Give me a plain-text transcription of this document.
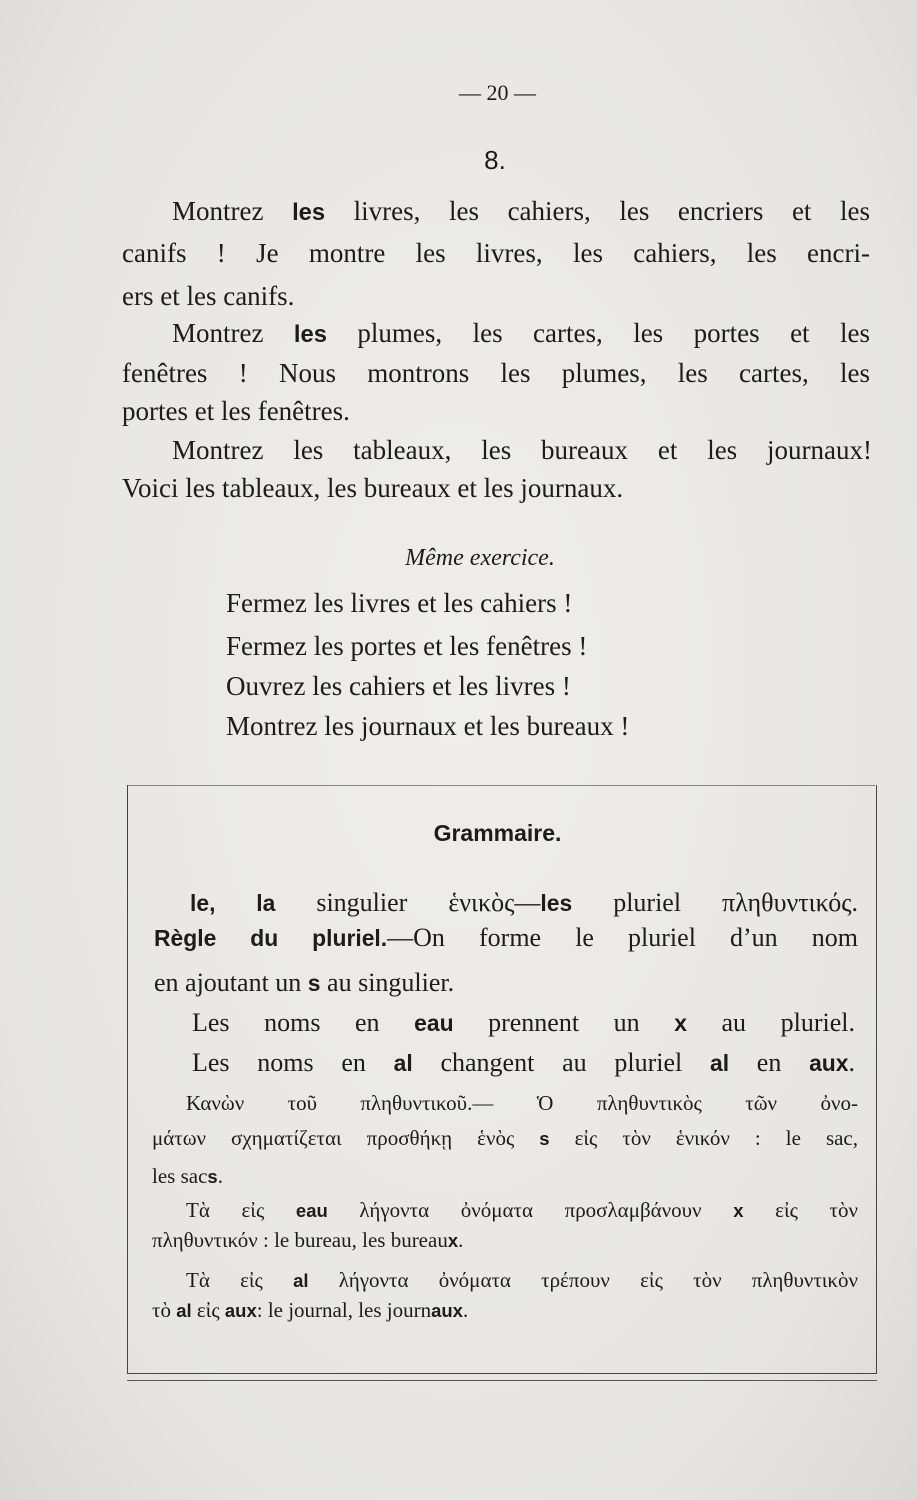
— 20 —
8.
Même exercice.
Grammaire.
Montrez les livres, les cahiers, les encriers et les
canifs ! Je montre les livres, les cahiers, les encri-
ers et les canifs.
Montrez les plumes, les cartes, les portes et les
fenêtres ! Nous montrons les plumes, les cartes, les
portes et les fenêtres.
Montrez les tableaux, les bureaux et les journaux!
Voici les tableaux, les bureaux et les journaux.
Fermez les livres et les cahiers !
Fermez les portes et les fenêtres !
Ouvrez les cahiers et les livres !
Montrez les journaux et les bureaux !
le, la singulier ἑνικὸς—les pluriel πληθυντικός.
Règle du pluriel.—On forme le pluriel d’un nom
en ajoutant un s au singulier.
Les noms en eau prennent un x au pluriel.
Les noms en al changent au pluriel al en aux.
Κανὼν τοῦ πληθυντικοῦ.— Ὁ πληθυντικὸς τῶν ὀνο-
μάτων σχηματίζεται προσθήκῃ ἑνὸς s εἰς τὸν ἑνικόν : le sac,
les sacs.
Τὰ εἰς eau λήγοντα ὀνόματα προσλαμβάνουν x εἰς τὸν
πληθυντικόν : le bureau, les bureaux.
Τὰ εἰς al λήγοντα ὀνόματα τρέπουν εἰς τὸν πληθυντικὸν
τὸ al εἰς aux: le journal, les journaux.
